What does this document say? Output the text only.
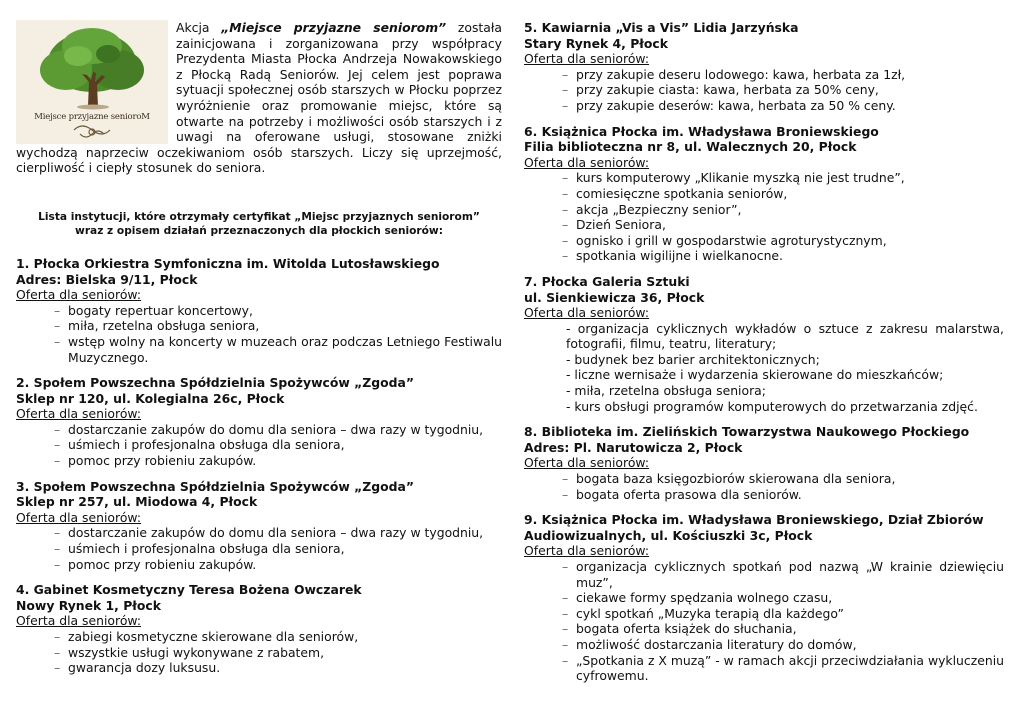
Miejsce przyjazne senioroM

Akcja „Miejsce przyjazne seniorom” została zainicjowana i zorganizowana przy współpracy Prezydenta Miasta Płocka Andrzeja Nowakowskiego z Płocką Radą Seniorów. Jej celem jest poprawa sytuacji społecznej osób starszych w Płocku poprzez wyróżnienie oraz promowanie miejsc, które są otwarte na potrzeby i możliwości osób starszych i z uwagi na oferowane usługi, stosowane zniżki wychodzą naprzeciw oczekiwaniom osób starszych. Liczy się uprzejmość, cierpliwość i ciepły stosunek do seniora.

Lista instytucji, które otrzymały certyfikat „Miejsc przyjaznych seniorom”
wraz z opisem działań przeznaczonych dla płockich seniorów:
1. Płocka Orkiestra Symfoniczna im. Witolda Lutosławskiego
Adres: Bielska 9/11, Płock
Oferta dla seniorów:
– bogaty repertuar koncertowy,
– miła, rzetelna obsługa seniora,
– wstęp wolny na koncerty w muzeach oraz podczas Letniego Festiwalu Muzycznego.
2. Społem Powszechna Spółdzielnia Spożywców „Zgoda”
Sklep nr 120, ul. Kolegialna 26c, Płock
Oferta dla seniorów:
– dostarczanie zakupów do domu dla seniora – dwa razy w tygodniu,
– uśmiech i profesjonalna obsługa dla seniora,
– pomoc przy robieniu zakupów.
3. Społem Powszechna Spółdzielnia Spożywców „Zgoda”
Sklep nr 257, ul. Miodowa 4, Płock
Oferta dla seniorów:
– dostarczanie zakupów do domu dla seniora – dwa razy w tygodniu,
– uśmiech i profesjonalna obsługa dla seniora,
– pomoc przy robieniu zakupów.
4. Gabinet Kosmetyczny Teresa Bożena Owczarek
Nowy Rynek 1, Płock
Oferta dla seniorów:
– zabiegi kosmetyczne skierowane dla seniorów,
– wszystkie usługi wykonywane z rabatem,
– gwarancja dozy luksusu.
5. Kawiarnia „Vis a Vis” Lidia Jarzyńska
Stary Rynek 4, Płock
Oferta dla seniorów:
– przy zakupie deseru lodowego: kawa, herbata za 1zł,
– przy zakupie ciasta: kawa, herbata za 50% ceny,
– przy zakupie deserów: kawa, herbata za 50 % ceny.
6. Książnica Płocka im. Władysława Broniewskiego
Filia biblioteczna nr 8, ul. Walecznych 20, Płock
Oferta dla seniorów:
– kurs komputerowy „Klikanie myszką nie jest trudne”,
– comiesięczne spotkania seniorów,
– akcja „Bezpieczny senior”,
– Dzień Seniora,
– ognisko i grill w gospodarstwie agroturystycznym,
– spotkania wigilijne i wielkanocne.
7. Płocka Galeria Sztuki
ul. Sienkiewicza 36, Płock
Oferta dla seniorów:
- organizacja cyklicznych wykładów o sztuce z zakresu malarstwa, fotografii, filmu, teatru, literatury;
- budynek bez barier architektonicznych;
- liczne wernisaże i wydarzenia skierowane do mieszkańców;
- miła, rzetelna obsługa seniora;
- kurs obsługi programów komputerowych do przetwarzania zdjęć.
8. Biblioteka im. Zielińskich Towarzystwa Naukowego Płockiego
Adres: Pl. Narutowicza 2, Płock
Oferta dla seniorów:
– bogata baza księgozbiorów skierowana dla seniora,
– bogata oferta prasowa dla seniorów.
9. Książnica Płocka im. Władysława Broniewskiego, Dział Zbiorów Audiowizualnych, ul. Kościuszki 3c, Płock
Oferta dla seniorów:
– organizacja cyklicznych spotkań pod nazwą „W krainie dziewięciu muz”,
– ciekawe formy spędzania wolnego czasu,
– cykl spotkań „Muzyka terapią dla każdego”
– bogata oferta książek do słuchania,
– możliwość dostarczania literatury do domów,
– „Spotkania z X muzą” - w ramach akcji przeciwdziałania wykluczeniu cyfrowemu.
